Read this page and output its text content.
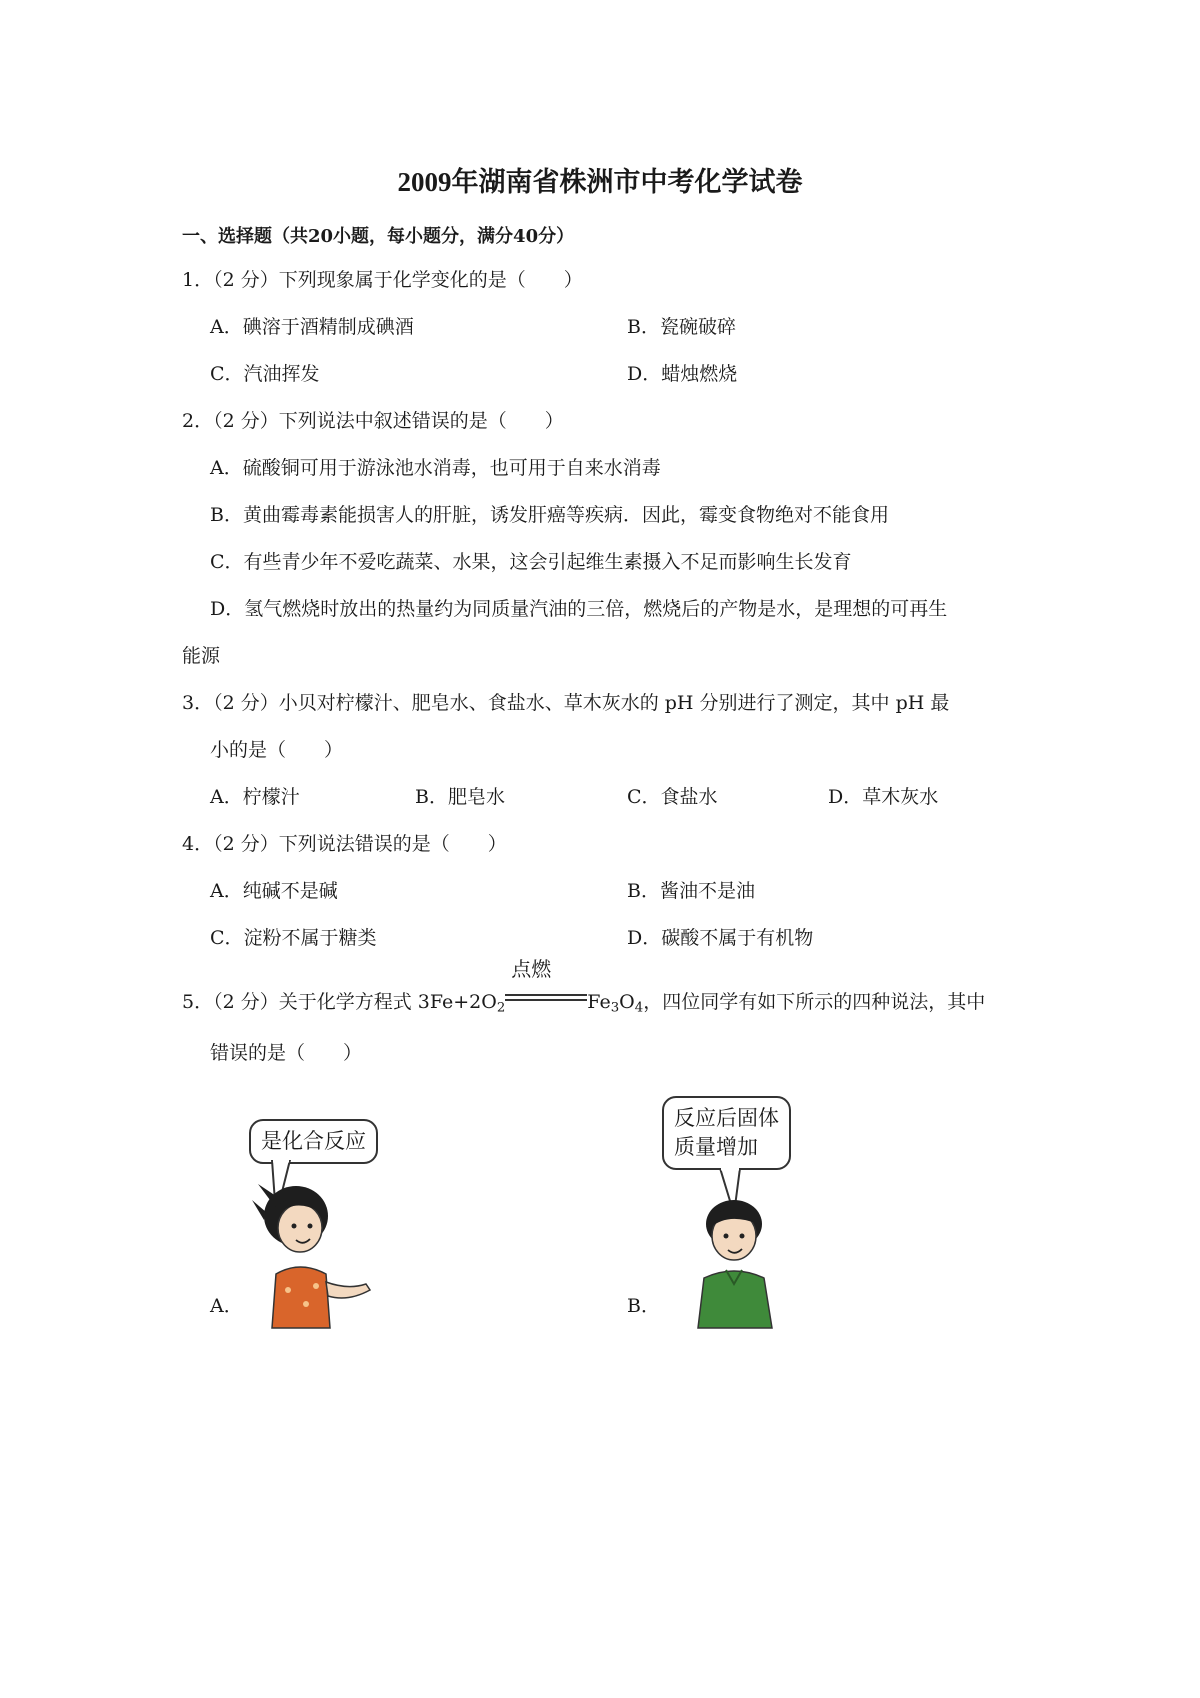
2009年湖南省株洲市中考化学试卷
一、选择题（共20小题，每小题分，满分40分）
1．（2 分）下列现象属于化学变化的是（　　）
A．碘溶于酒精制成碘酒	B．瓷碗破碎
C．汽油挥发	D．蜡烛燃烧
2．（2 分）下列说法中叙述错误的是（　　）
A．硫酸铜可用于游泳池水消毒，也可用于自来水消毒
B．黄曲霉毒素能损害人的肝脏，诱发肝癌等疾病．因此，霉变食物绝对不能食用
C．有些青少年不爱吃蔬菜、水果，这会引起维生素摄入不足而影响生长发育
D．氢气燃烧时放出的热量约为同质量汽油的三倍，燃烧后的产物是水，是理想的可再生
能源
3．（2 分）小贝对柠檬汁、肥皂水、食盐水、草木灰水的 pH 分别进行了测定，其中 pH 最
小的是（　　）
A．柠檬汁	B．肥皂水	C．食盐水	D．草木灰水
4．（2 分）下列说法错误的是（　　）
A．纯碱不是碱	B．酱油不是油
C．淀粉不属于糖类	D．碳酸不属于有机物
5．（2 分）关于化学方程式 $3Fe+2O_2$
点燃
$Fe_3O_4$，四位同学有如下所示的四种说法，其中
错误的是（　　）
是化合反应
A．
反应后固体
质量增加
B．
